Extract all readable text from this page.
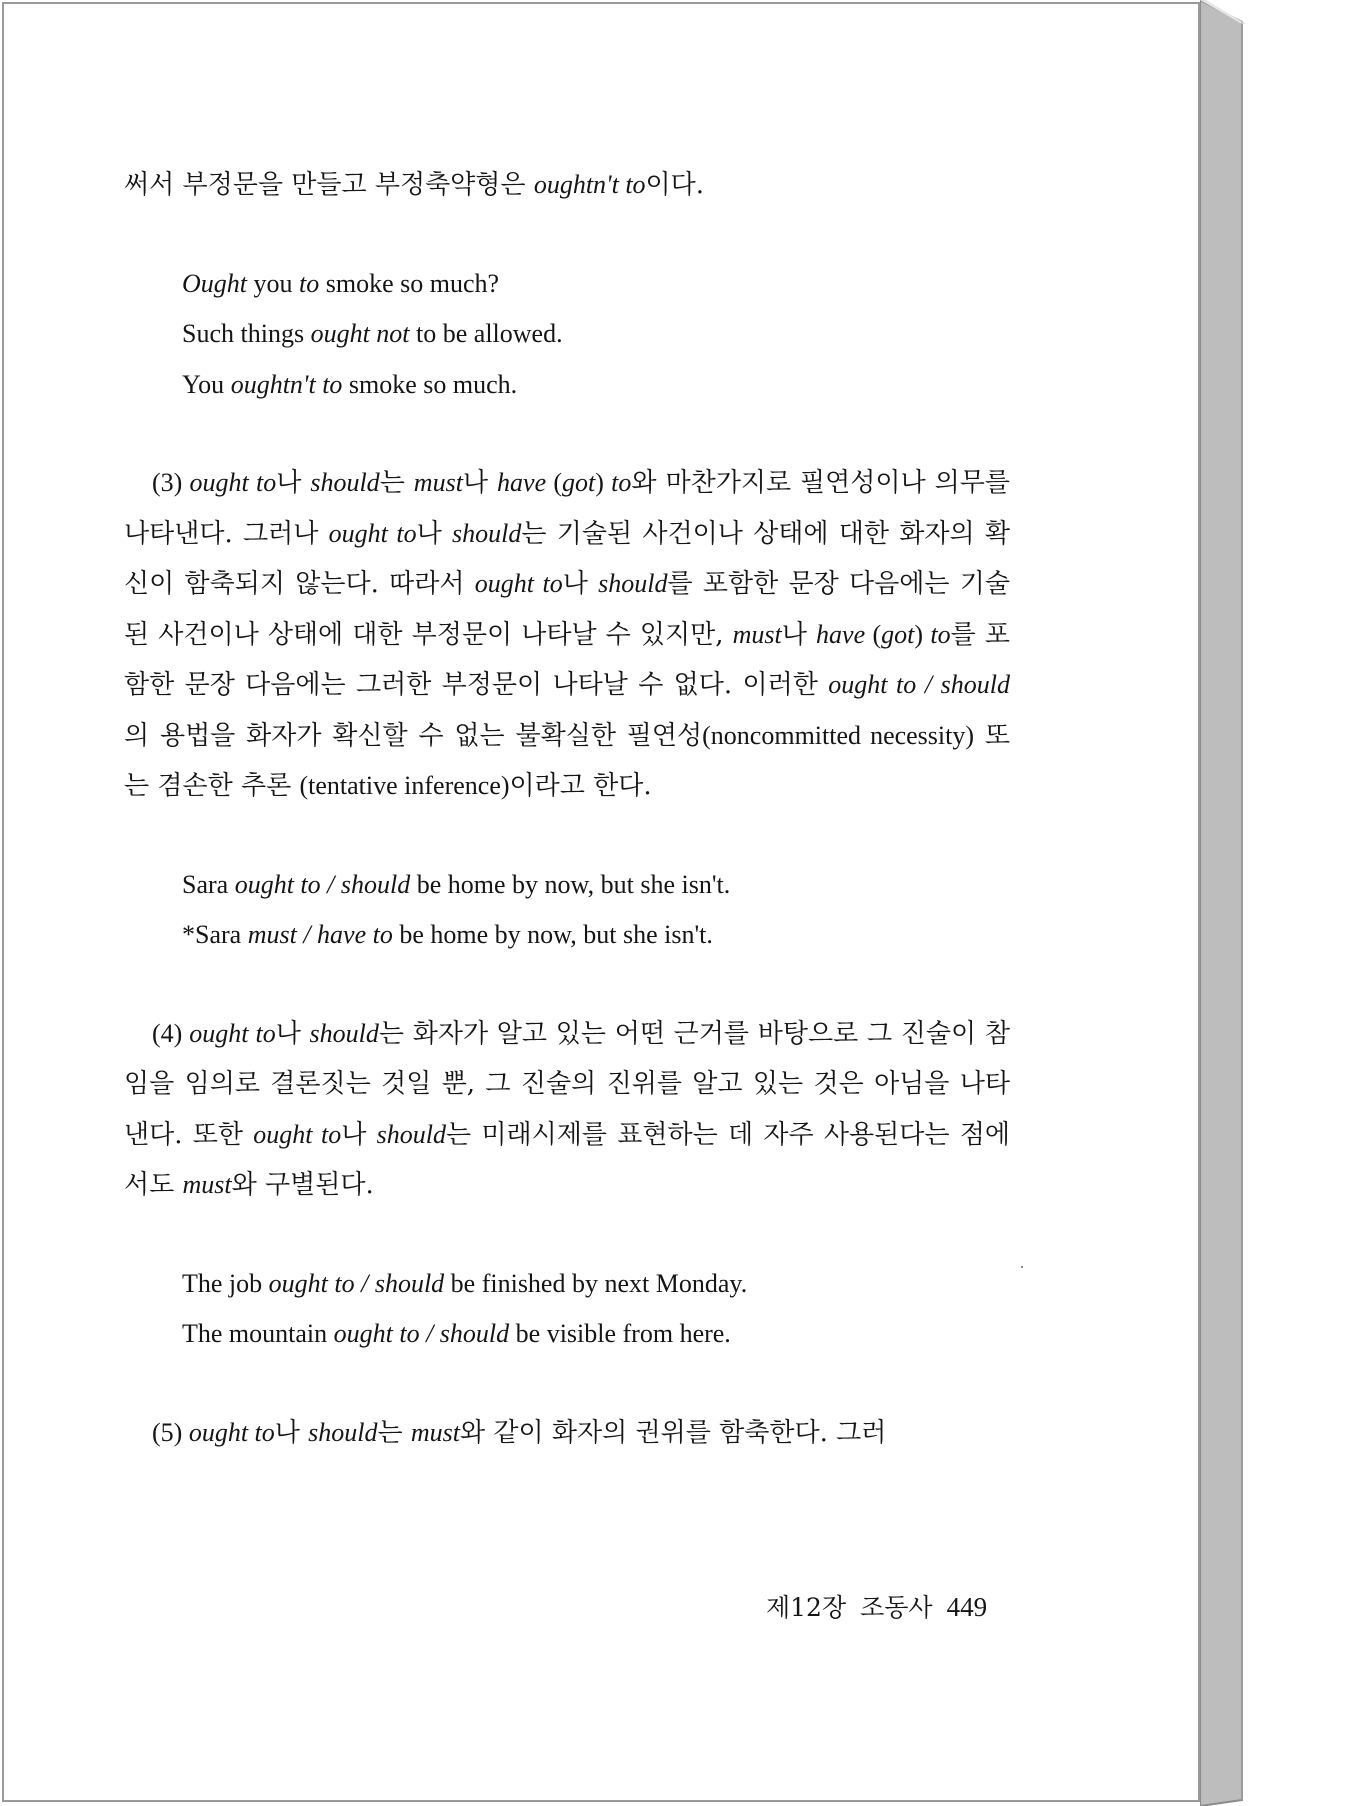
써서 부정문을 만들고 부정축약형은 oughtn't to이다.

Ought you to smoke so much?

Such things ought not to be allowed.

You oughtn't to smoke so much.

(3) ought to나 should는 must나 have (got) to와 마찬가지로 필연성이나 의무를 나타낸다. 그러나 ought to나 should는 기술된 사건이나 상태에 대한 화자의 확신이 함축되지 않는다. 따라서 ought to나 should를 포함한 문장 다음에는 기술된 사건이나 상태에 대한 부정문이 나타날 수 있지만, must나 have (got) to를 포함한 문장 다음에는 그러한 부정문이 나타날 수 없다. 이러한 ought to / should의 용법을 화자가 확신할 수 없는 불확실한 필연성(noncommitted necessity) 또는 겸손한 추론 (tentative inference)이라고 한다.

Sara ought to / should be home by now, but she isn't.

*Sara must / have to be home by now, but she isn't.

(4) ought to나 should는 화자가 알고 있는 어떤 근거를 바탕으로 그 진술이 참임을 임의로 결론짓는 것일 뿐, 그 진술의 진위를 알고 있는 것은 아님을 나타낸다. 또한 ought to나 should는 미래시제를 표현하는 데 자주 사용된다는 점에서도 must와 구별된다.

The job ought to / should be finished by next Monday.

The mountain ought to / should be visible from here.

(5) ought to나 should는 must와 같이 화자의 권위를 함축한다. 그러

제12장 조동사 449
